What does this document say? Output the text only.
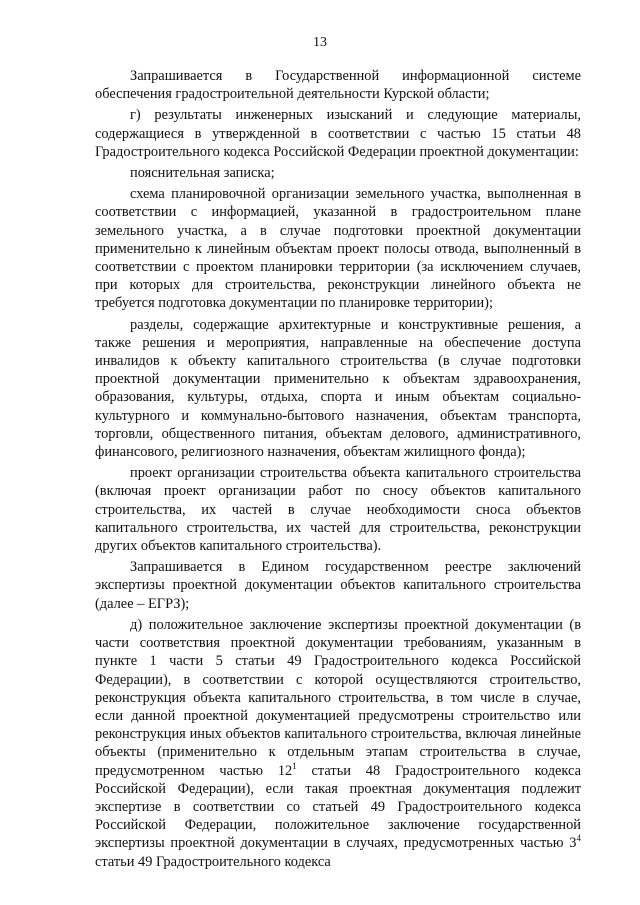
13

Запрашивается в Государственной информационной системе обеспечения градостроительной деятельности Курской области;

г) результаты инженерных изысканий и следующие материалы, содержащиеся в утвержденной в соответствии с частью 15 статьи 48 Градостроительного кодекса Российской Федерации проектной документации:

пояснительная записка;

схема планировочной организации земельного участка, выполненная в соответствии с информацией, указанной в градостроительном плане земельного участка, а в случае подготовки проектной документации применительно к линейным объектам проект полосы отвода, выполненный в соответствии с проектом планировки территории (за исключением случаев, при которых для строительства, реконструкции линейного объекта не требуется подготовка документации по планировке территории);

разделы, содержащие архитектурные и конструктивные решения, а также решения и мероприятия, направленные на обеспечение доступа инвалидов к объекту капитального строительства (в случае подготовки проектной документации применительно к объектам здравоохранения, образования, культуры, отдыха, спорта и иным объектам социально-культурного и коммунально-бытового назначения, объектам транспорта, торговли, общественного питания, объектам делового, административного, финансового, религиозного назначения, объектам жилищного фонда);

проект организации строительства объекта капитального строительства (включая проект организации работ по сносу объектов капитального строительства, их частей в случае необходимости сноса объектов капитального строительства, их частей для строительства, реконструкции других объектов капитального строительства).

Запрашивается в Едином государственном реестре заключений экспертизы проектной документации объектов капитального строительства (далее – ЕГРЗ);

д) положительное заключение экспертизы проектной документации (в части соответствия проектной документации требованиям, указанным в пункте 1 части 5 статьи 49 Градостроительного кодекса Российской Федерации), в соответствии с которой осуществляются строительство, реконструкция объекта капитального строительства, в том числе в случае, если данной проектной документацией предусмотрены строительство или реконструкция иных объектов капитального строительства, включая линейные объекты (применительно к отдельным этапам строительства в случае, предусмотренном частью $12^1$ статьи 48 Градостроительного кодекса Российской Федерации), если такая проектная документация подлежит экспертизе в соответствии со статьей 49 Градостроительного кодекса Российской Федерации, положительное заключение государственной экспертизы проектной документации в случаях, предусмотренных частью $3^4$ статьи 49 Градостроительного кодекса
